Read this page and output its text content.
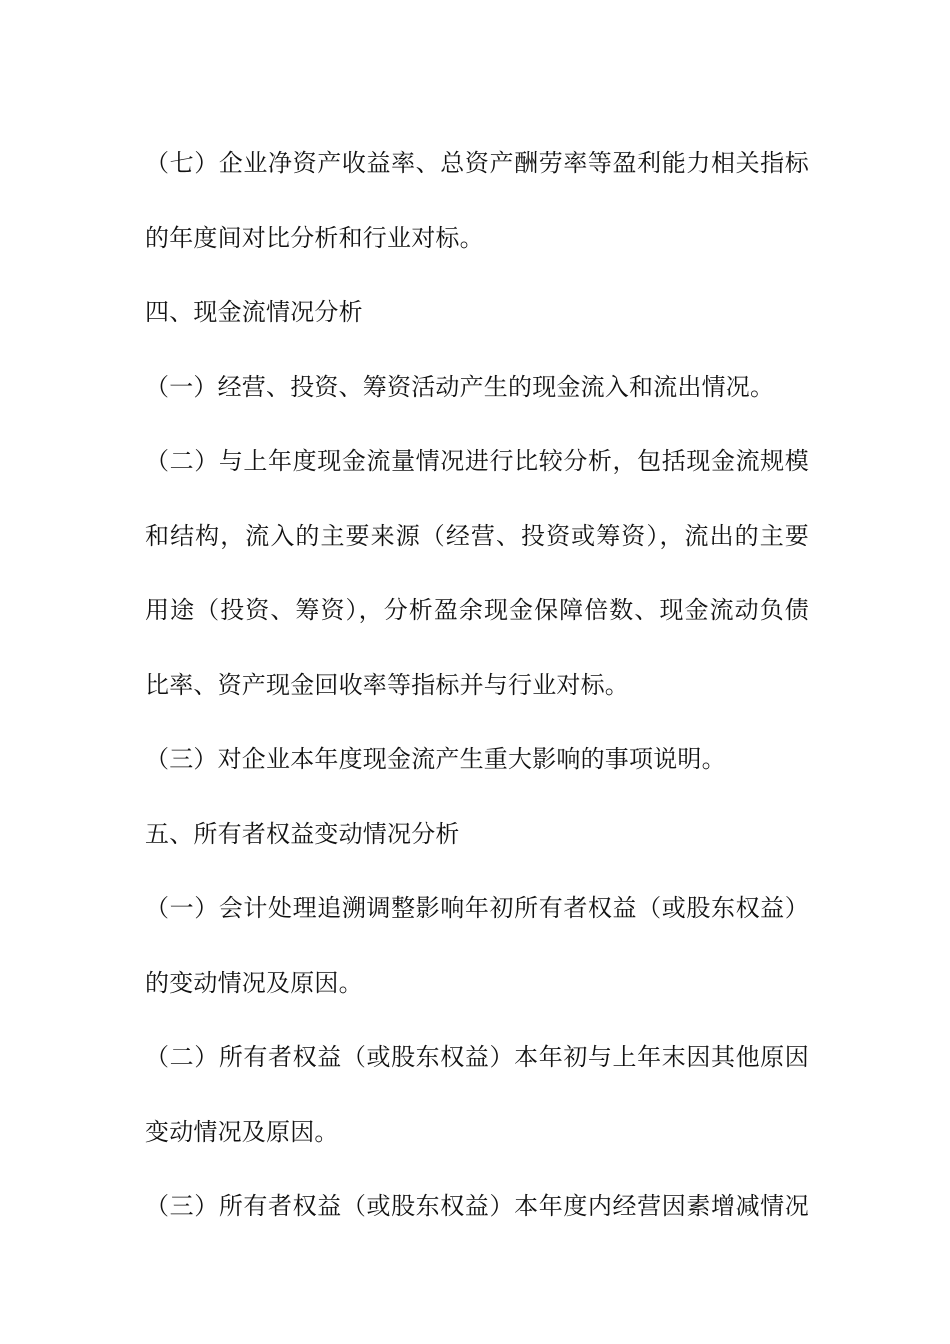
（七）企业净资产收益率、总资产酬劳率等盈利能力相关指标
的年度间对比分析和行业对标。
四、现金流情况分析
（一）经营、投资、筹资活动产生的现金流入和流出情况。
（二）与上年度现金流量情况进行比较分析，包括现金流规模
和结构，流入的主要来源（经营、投资或筹资），流出的主要
用途（投资、筹资），分析盈余现金保障倍数、现金流动负债
比率、资产现金回收率等指标并与行业对标。
（三）对企业本年度现金流产生重大影响的事项说明。
五、所有者权益变动情况分析
（一）会计处理追溯调整影响年初所有者权益（或股东权益）
的变动情况及原因。
（二）所有者权益（或股东权益）本年初与上年末因其他原因
变动情况及原因。
（三）所有者权益（或股东权益）本年度内经营因素增减情况
